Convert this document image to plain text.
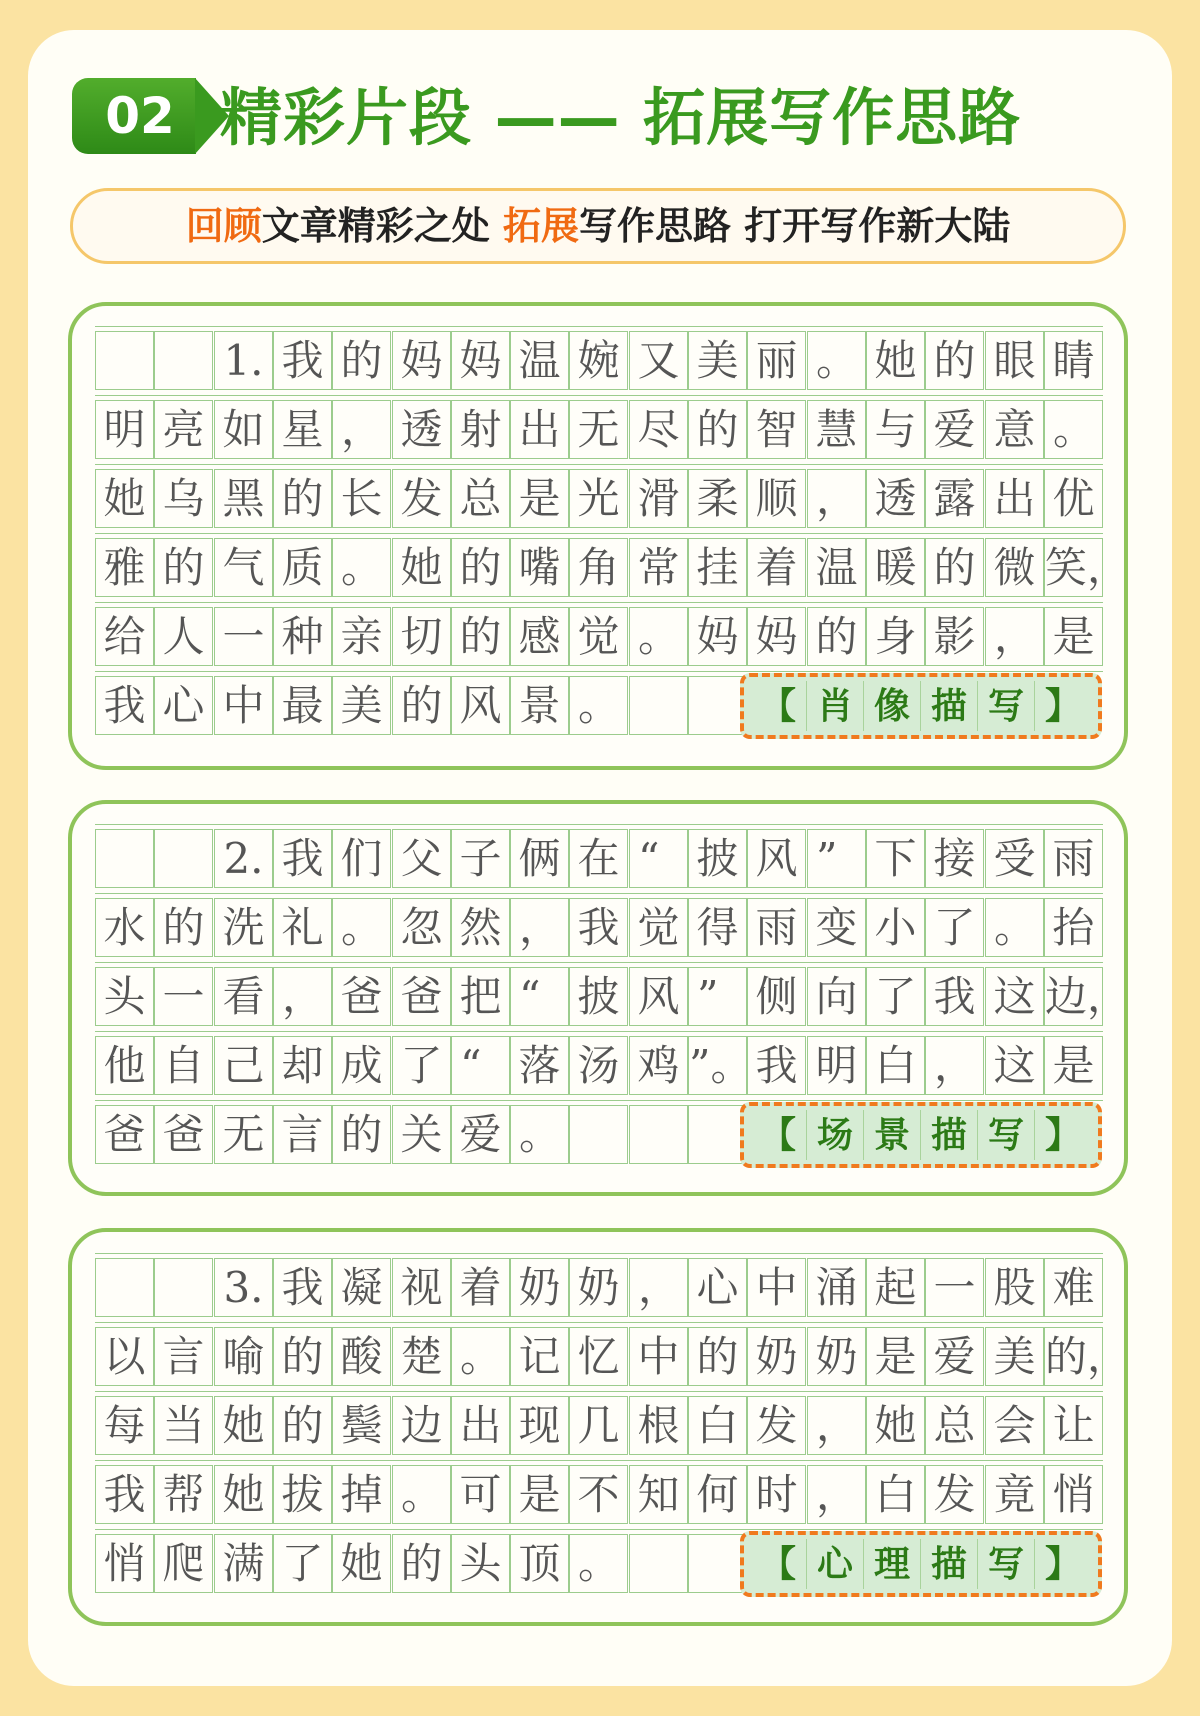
02 精彩片段 —— 拓展写作思路
回顾文章精彩之处 拓展写作思路 打开写作新大陆
1. 我 的 妈 妈 温 婉 又 美 丽 。 她 的 眼 睛
明 亮 如 星 ， 透 射 出 无 尽 的 智 慧 与 爱 意 。
她 乌 黑 的 长 发 总 是 光 滑 柔 顺 ， 透 露 出 优
雅 的 气 质 。 她 的 嘴 角 常 挂 着 温 暖 的 微 笑，
给 人 一 种 亲 切 的 感 觉 。 妈 妈 的 身 影 ， 是
我 心 中 最 美 的 风 景 。	【 肖 像 描 写 】
2. 我 们 父 子 俩 在 “ 披 风 ” 下 接 受 雨
水 的 洗 礼 。 忽 然 ， 我 觉 得 雨 变 小 了 。 抬
头 一 看 ， 爸 爸 把 “ 披 风 ” 侧 向 了 我 这 边，
他 自 己 却 成 了 “ 落 汤 鸡 ”。 我 明 白 ， 这 是
爸 爸 无 言 的 关 爱 。	【 场 景 描 写 】
3. 我 凝 视 着 奶 奶 ， 心 中 涌 起 一 股 难
以 言 喻 的 酸 楚 。 记 忆 中 的 奶 奶 是 爱 美 的，
每 当 她 的 鬓 边 出 现 几 根 白 发 ， 她 总 会 让
我 帮 她 拔 掉 。 可 是 不 知 何 时 ， 白 发 竟 悄
悄 爬 满 了 她 的 头 顶 。	【 心 理 描 写 】
